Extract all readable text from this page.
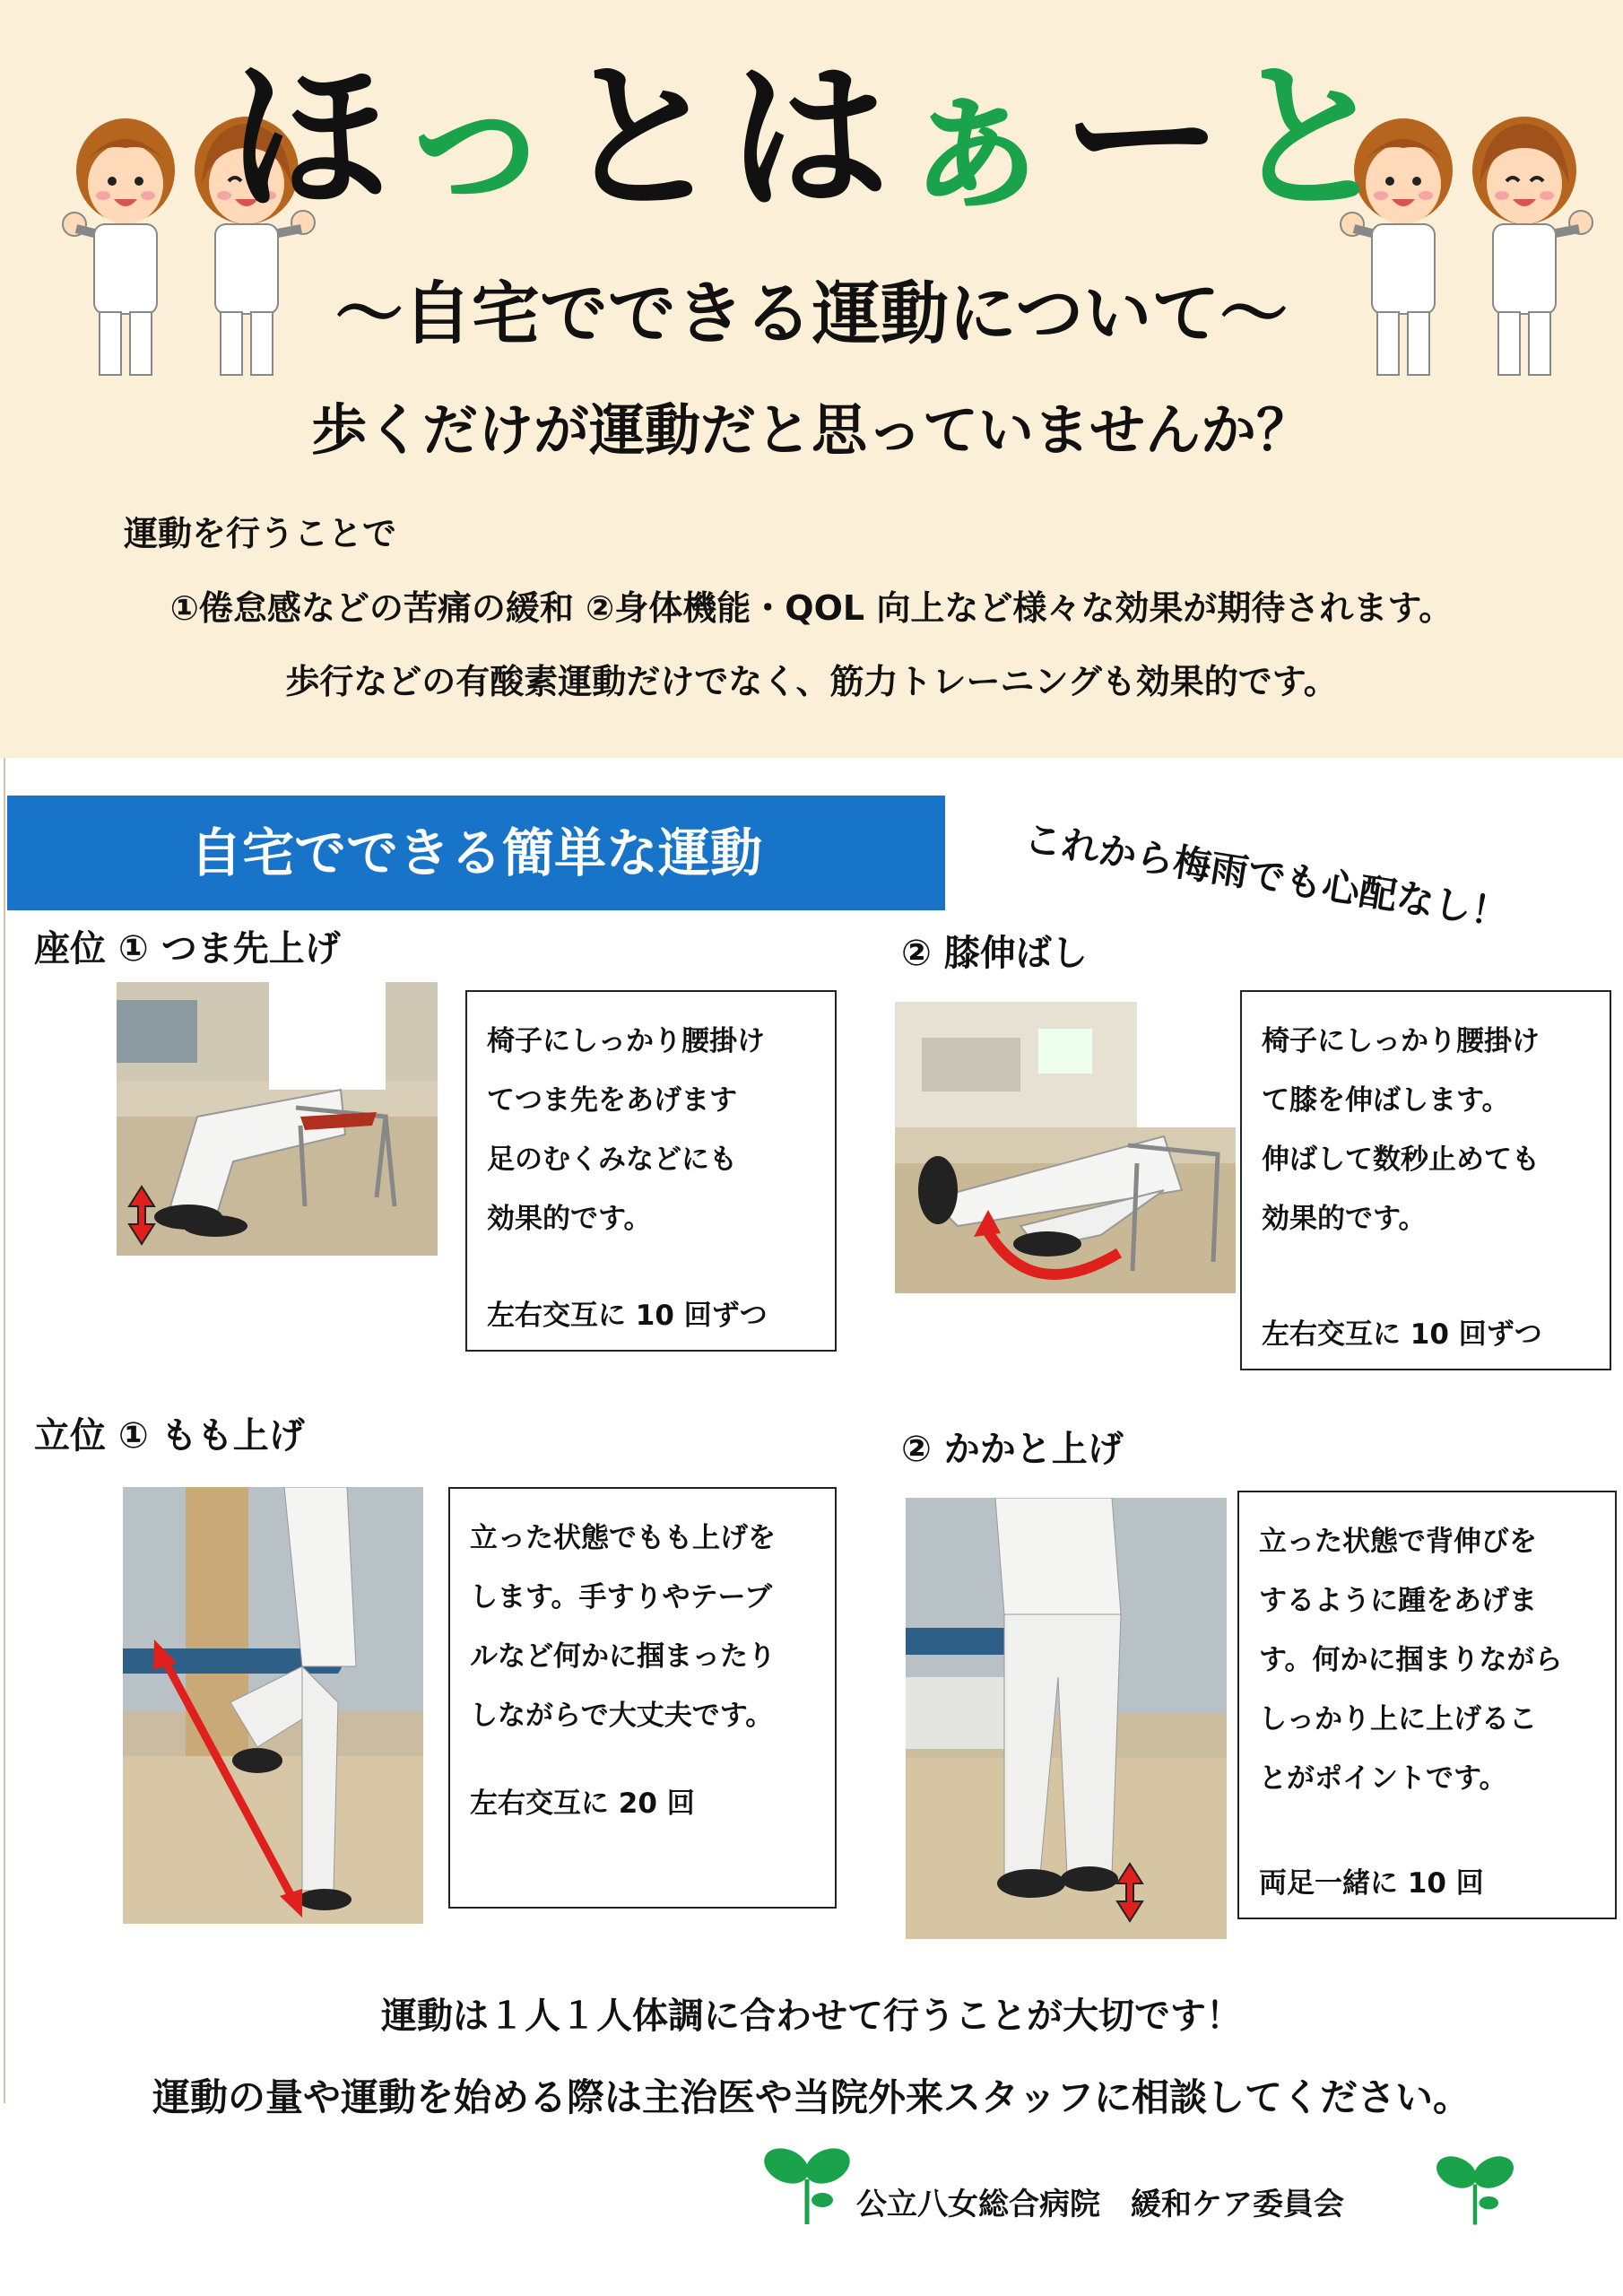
ほっとはぁーと
～自宅でできる運動について～
歩くだけが運動だと思っていませんか？
運動を行うことで
①倦怠感などの苦痛の緩和 ②身体機能・QOL 向上など様々な効果が期待されます。
歩行などの有酸素運動だけでなく、筋力トレーニングも効果的です。
自宅でできる簡単な運動	これから梅雨でも心配なし！
座位 ① つま先上げ

椅子にしっかり腰掛け

てつま先をあげます

足のむくみなどにも

効果的です。

左右交互に 10 回ずつ
② 膝伸ばし

椅子にしっかり腰掛け

て膝を伸ばします。

伸ばして数秒止めても

効果的です。

左右交互に 10 回ずつ
立位 ① もも上げ

立った状態でもも上げを

します。手すりやテーブ

ルなど何かに掴まったり

しながらで大丈夫です。

左右交互に 20 回
② かかと上げ

立った状態で背伸びを

するように踵をあげま

す。何かに掴まりながら

しっかり上に上げるこ

とがポイントです。

両足一緒に 10 回
運動は１人１人体調に合わせて行うことが大切です！
運動の量や運動を始める際は主治医や当院外来スタッフに相談してください。
公立八女総合病院　緩和ケア委員会
